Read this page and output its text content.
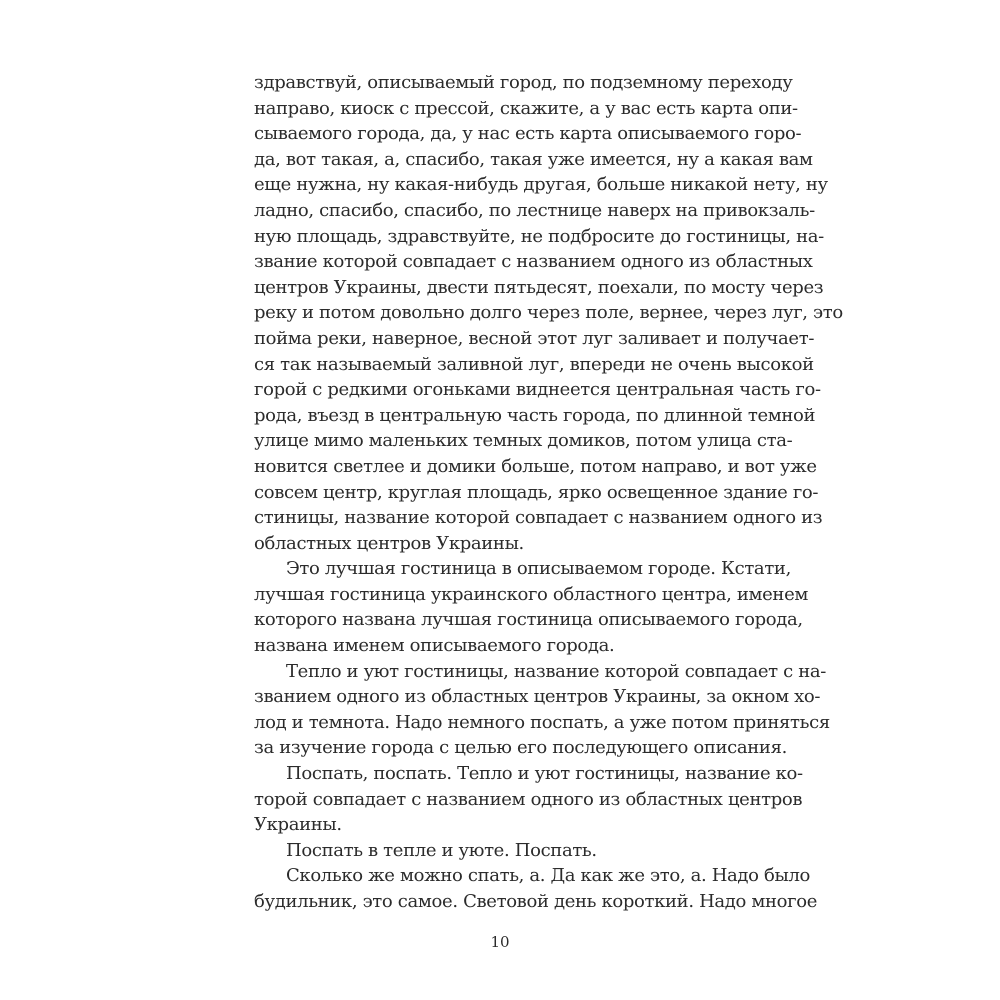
здравствуй, описываемый город, по подземному переходу
направо, киоск с прессой, скажите, а у вас есть карта опи-
сываемого города, да, у нас есть карта описываемого горо-
да, вот такая, а, спасибо, такая уже имеется, ну а какая вам
еще нужна, ну какая-нибудь другая, больше никакой нету, ну
ладно, спасибо, спасибо, по лестнице наверх на привокзаль-
ную площадь, здравствуйте, не подбросите до гостиницы, на-
звание которой совпадает с названием одного из областных
центров Украины, двести пятьдесят, поехали, по мосту через
реку и потом довольно долго через поле, вернее, через луг, это
пойма реки, наверное, весной этот луг заливает и получает-
ся так называемый заливной луг, впереди не очень высокой
горой с редкими огоньками виднеется центральная часть го-
рода, въезд в центральную часть города, по длинной темной
улице мимо маленьких темных домиков, потом улица ста-
новится светлее и домики больше, потом направо, и вот уже
совсем центр, круглая площадь, ярко освещенное здание го-
стиницы, название которой совпадает с названием одного из
областных центров Украины.
Это лучшая гостиница в описываемом городе. Кстати,
лучшая гостиница украинского областного центра, именем
которого названа лучшая гостиница описываемого города,
названа именем описываемого города.
Тепло и уют гостиницы, название которой совпадает с на-
званием одного из областных центров Украины, за окном хо-
лод и темнота. Надо немного поспать, а уже потом приняться
за изучение города с целью его последующего описания.
Поспать, поспать. Тепло и уют гостиницы, название ко-
торой совпадает с названием одного из областных центров
Украины.
Поспать в тепле и уюте. Поспать.
Сколько же можно спать, а. Да как же это, а. Надо было
будильник, это самое. Световой день короткий. Надо многое
10
